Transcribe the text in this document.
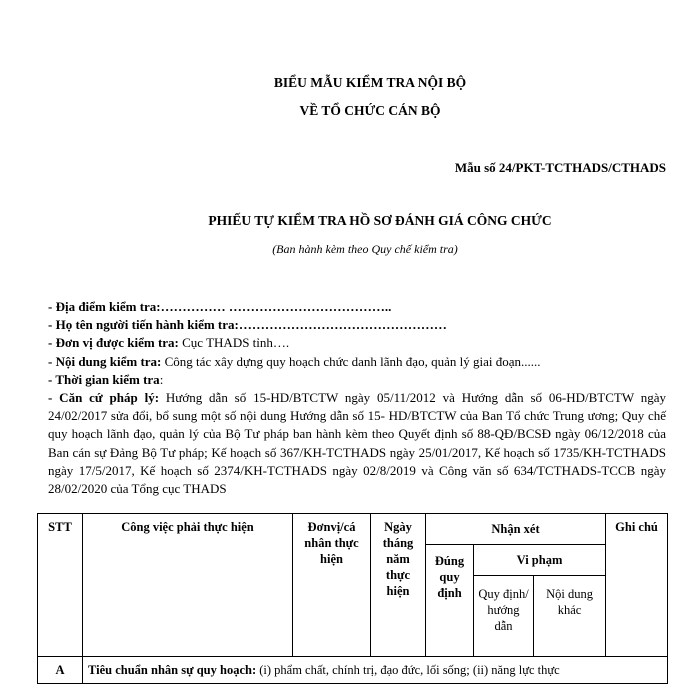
BIỂU MẪU KIỂM TRA NỘI BỘ
VỀ TỔ CHỨC CÁN BỘ
Mẫu số 24/PKT-TCTHADS/CTHADS
PHIẾU TỰ KIỂM TRA HỒ SƠ ĐÁNH GIÁ CÔNG CHỨC
(Ban hành kèm theo Quy chế kiểm tra)
- Địa điểm kiểm tra:…………… ………………………………..
- Họ tên người tiến hành kiểm tra:…………………………………………
- Đơn vị được kiểm tra: Cục THADS tỉnh….
- Nội dung kiểm tra: Công tác xây dựng quy hoạch chức danh lãnh đạo, quản lý giai đoạn......
- Thời gian kiểm tra:
- Căn cứ pháp lý: Hướng dẫn số 15-HD/BTCTW ngày 05/11/2012 và Hướng dẫn số 06-HD/BTCTW ngày 24/02/2017 sửa đổi, bổ sung một số nội dung Hướng dẫn số 15- HD/BTCTW của Ban Tổ chức Trung ương; Quy chế quy hoạch lãnh đạo, quản lý của Bộ Tư pháp ban hành kèm theo Quyết định số 88-QĐ/BCSĐ ngày 06/12/2018 của Ban cán sự Đảng Bộ Tư pháp; Kế hoạch số 367/KH-TCTHADS ngày 25/01/2017, Kế hoạch số 1735/KH-TCTHADS ngày 17/5/2017, Kế hoạch số 2374/KH-TCTHADS ngày 02/8/2019 và Công văn số 634/TCTHADS-TCCB ngày 28/02/2020 của Tổng cục THADS
STT	Công việc phải thực hiện	Đơnvị/cá nhân thực hiện	Ngày tháng năm thực hiện	Nhận xét			Ghi chú
				Đúng quy định	Vi phạm		
					Quy định/ hướng dẫn	Nội dung khác	
A	Tiêu chuẩn nhân sự quy hoạch: (i) phẩm chất, chính trị, đạo đức, lối sống; (ii) năng lực thực						
